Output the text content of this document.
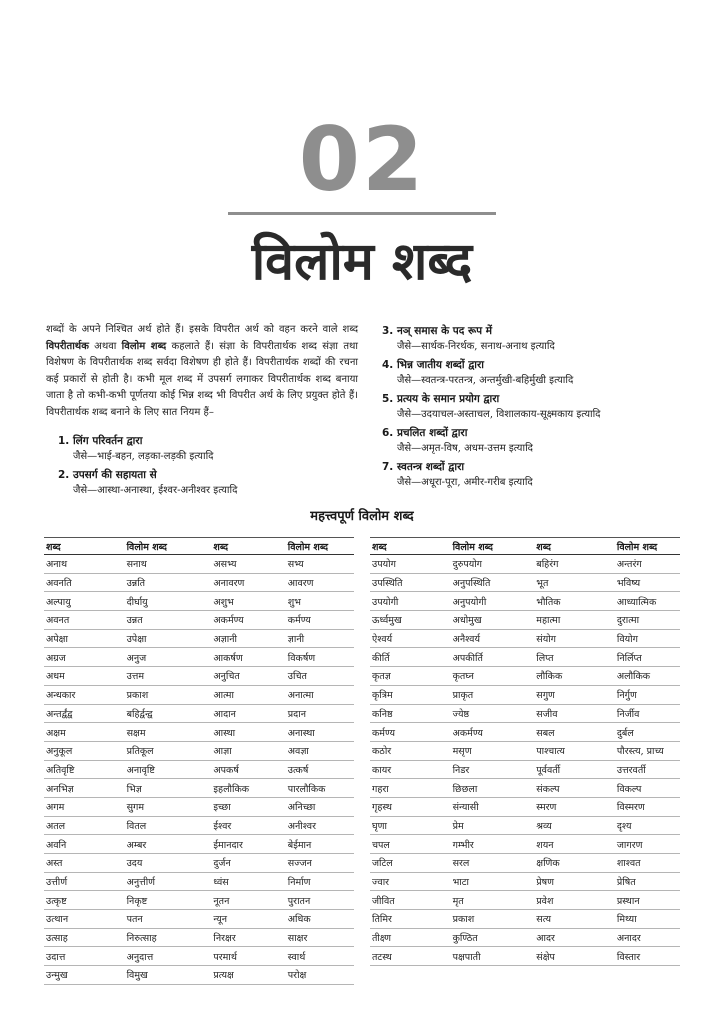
02
विलोम शब्द
शब्दों के अपने निश्चित अर्थ होते हैं। इसके विपरीत अर्थ को वहन करने वाले शब्द विपरीतार्थक अथवा विलोम शब्द कहलाते हैं। संज्ञा के विपरीतार्थक शब्द संज्ञा तथा विशेषण के विपरीतार्थक शब्द सर्वदा विशेषण ही होते हैं। विपरीतार्थक शब्दों की रचना कई प्रकारों से होती है। कभी मूल शब्द में उपसर्ग लगाकर विपरीतार्थक शब्द बनाया जाता है तो कभी-कभी पूर्णतया कोई भिन्न शब्द भी विपरीत अर्थ के लिए प्रयुक्त होते हैं। विपरीतार्थक शब्द बनाने के लिए सात नियम हैं–
1. लिंग परिवर्तन द्वारा
जैसे—भाई-बहन, लड़का-लड़की इत्यादि
2. उपसर्ग की सहायता से
जैसे—आस्था-अनास्था, ईश्वर-अनीश्वर इत्यादि
3. नञ् समास के पद रूप में
जैसे—सार्थक-निरर्थक, सनाथ-अनाथ इत्यादि
4. भिन्न जातीय शब्दों द्वारा
जैसे—स्वतन्त्र-परतन्त्र, अन्तर्मुखी-बहिर्मुखी इत्यादि
5. प्रत्यय के समान प्रयोग द्वारा
जैसे—उदयाचल-अस्ताचल, विशालकाय-सूक्ष्मकाय इत्यादि
6. प्रचलित शब्दों द्वारा
जैसे—अमृत-विष, अधम-उत्तम इत्यादि
7. स्वतन्त्र शब्दों द्वारा
जैसे—अधूरा-पूरा, अमीर-गरीब इत्यादि
महत्त्वपूर्ण विलोम शब्द
शब्द	विलोम शब्द	शब्द	विलोम शब्द
अनाथ	सनाथ	असभ्य	सभ्य
अवनति	उन्नति	अनावरण	आवरण
अल्पायु	दीर्घायु	अशुभ	शुभ
अवनत	उन्नत	अकर्मण्य	कर्मण्य
अपेक्षा	उपेक्षा	अज्ञानी	ज्ञानी
अग्रज	अनुज	आकर्षण	विकर्षण
अधम	उत्तम	अनुचित	उचित
अन्धकार	प्रकाश	आत्मा	अनात्मा
अन्तर्द्वंद्व	बहिर्द्वन्द्व	आदान	प्रदान
अक्षम	सक्षम	आस्था	अनास्था
अनुकूल	प्रतिकूल	आज्ञा	अवज्ञा
अतिवृष्टि	अनावृष्टि	अपकर्ष	उत्कर्ष
अनभिज्ञ	भिज्ञ	इहलौकिक	पारलौकिक
अगम	सुगम	इच्छा	अनिच्छा
अतल	वितल	ईश्वर	अनीश्वर
अवनि	अम्बर	ईमानदार	बेईमान
अस्त	उदय	दुर्जन	सज्जन
उत्तीर्ण	अनुत्तीर्ण	ध्वंस	निर्माण
उत्कृष्ट	निकृष्ट	नूतन	पुरातन
उत्थान	पतन	न्यून	अधिक
उत्साह	निरुत्साह	निरक्षर	साक्षर
उदात्त	अनुदात्त	परमार्थ	स्वार्थ
उन्मुख	विमुख	प्रत्यक्ष	परोक्ष
शब्द	विलोम शब्द	शब्द	विलोम शब्द
उपयोग	दुरुपयोग	बहिरंग	अन्तरंग
उपस्थिति	अनुपस्थिति	भूत	भविष्य
उपयोगी	अनुपयोगी	भौतिक	आध्यात्मिक
ऊर्ध्वमुख	अधोमुख	महात्मा	दुरात्मा
ऐश्वर्य	अनैश्वर्य	संयोग	वियोग
कीर्ति	अपकीर्ति	लिप्त	निर्लिप्त
कृतज्ञ	कृतघ्न	लौकिक	अलौकिक
कृत्रिम	प्राकृत	सगुण	निर्गुण
कनिष्ठ	ज्येष्ठ	सजीव	निर्जीव
कर्मण्य	अकर्मण्य	सबल	दुर्बल
कठोर	मसृण	पाश्चात्य	पौरस्त्य, प्राच्य
कायर	निडर	पूर्ववर्ती	उत्तरवर्ती
गहरा	छिछला	संकल्प	विकल्प
गृहस्थ	संन्यासी	स्मरण	विस्मरण
घृणा	प्रेम	श्रव्य	दृश्य
चपल	गम्भीर	शयन	जागरण
जटिल	सरल	क्षणिक	शाश्वत
ज्वार	भाटा	प्रेषण	प्रेषित
जीवित	मृत	प्रवेश	प्रस्थान
तिमिर	प्रकाश	सत्य	मिथ्या
तीक्ष्ण	कुण्ठित	आदर	अनादर
तटस्थ	पक्षपाती	संक्षेप	विस्तार
